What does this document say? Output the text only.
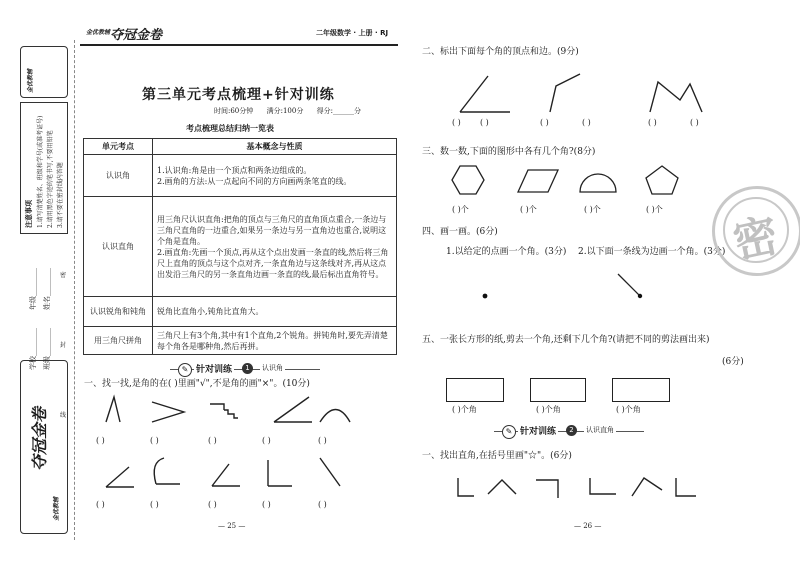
金优教辅
注意事项 1.请写清楚姓名、班级和学号(或准考证号) 2.请用黑色字迹的笔书写,不要用铅笔 3.请不要在密封线内答题
学校________
年级________
班级________
姓名________ 密
封
线
夺冠金卷
金优教辅
金优教辅 夺冠金卷	二年级数学 · 上册 · RJ
第三单元考点梳理+针对训练
时间:60分钟      满分:100分      得分:______分
考点梳理总结归纳一览表
单元考点	基本概念与性质
认识角	1.认识角:角是由一个顶点和两条边组成的。
2.画角的方法:从一点起向不同的方向画两条笔直的线。
认识直角	用三角尺认识直角:把角的顶点与三角尺的直角顶点重合,一条边与三角尺直角的一边重合,如果另一条边与另一直角边也重合,说明这个角是直角。
2.画直角:先画一个顶点,再从这个点出发画一条直的线,然后将三角尺上直角的顶点与这个点对齐,一条直角边与这条线对齐,再从这点出发沿三角尺的另一条直角边画一条直的线,最后标出直角符号。
认识锐角和钝角	锐角比直角小,钝角比直角大。
用三角尺拼角	三角尺上有3个角,其中有1个直角,2个锐角。拼钝角时,要先弄清楚每个角各是哪种角,然后再拼。
✎ 针对训练	1	认识角
一、找一找,是角的在( )里画"√",不是角的画"×"。(10分)
( )	( )	( )	( )	( )
( )	( )	( )	( )	( )
— 25 —
二、标出下面每个角的顶点和边。(9分)
( ) ( )	( )	( )	( )	( )
三、数一数,下面的图形中各有几个角?(8分)
( )个	( )个	( )个	( )个
四、画一画。(6分)
1.以给定的点画一个角。(3分) 2.以下面一条线为边画一个角。(3分)
五、一张长方形的纸,剪去一个角,还剩下几个角?(请把不同的剪法画出来)
(6分)
( )个角	( )个角	( )个角
✎ 针对训练	2	认识直角
一、找出直角,在括号里画"☆"。(6分)
— 26 —
密
